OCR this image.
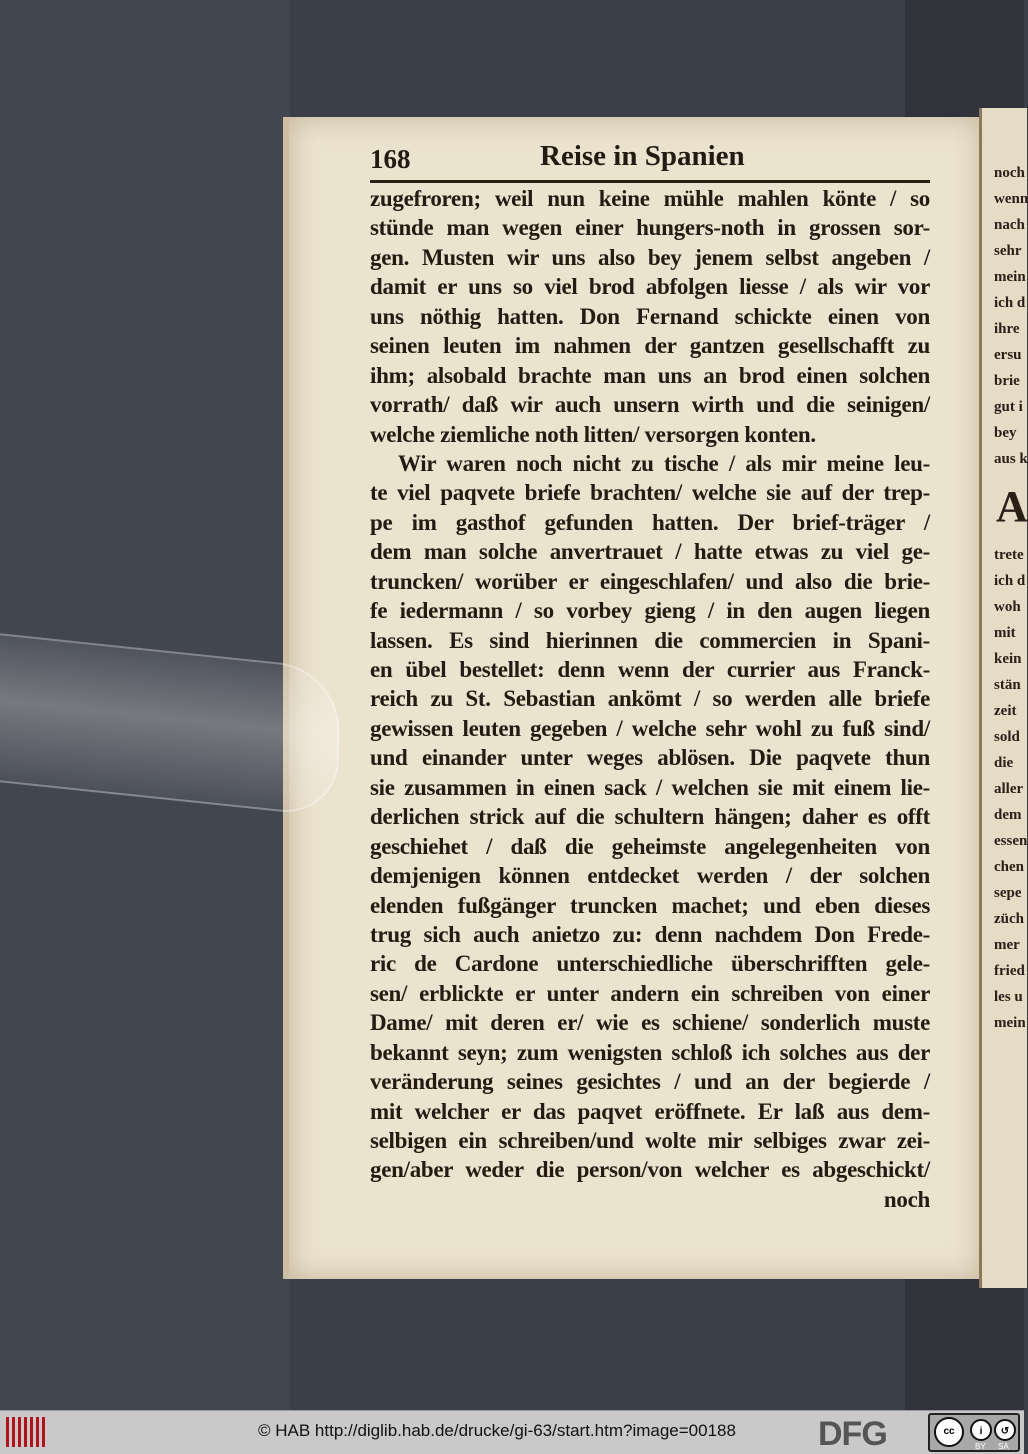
noch
wenn
nach
sehr
mein
ich d
ihre
ersu
brie
gut i
bey
aus k
A
trete
ich d
woh
mit
kein
stän
zeit
sold
die
aller
dem
essen
chen
sepe
züch
mer
fried
les u
mein
168	Reise in Spanien
zugefroren; weil nun keine mühle mahlen könte / so
stünde man wegen einer hungers-noth in grossen sor-
gen. Musten wir uns also bey jenem selbst angeben /
damit er uns so viel brod abfolgen liesse / als wir vor
uns nöthig hatten. Don Fernand schickte einen von
seinen leuten im nahmen der gantzen gesellschafft zu
ihm; alsobald brachte man uns an brod einen solchen
vorrath/ daß wir auch unsern wirth und die seinigen/
welche ziemliche noth litten/ versorgen konten.
Wir waren noch nicht zu tische / als mir meine leu-
te viel paqvete briefe brachten/ welche sie auf der trep-
pe im gasthof gefunden hatten. Der brief-träger /
dem man solche anvertrauet / hatte etwas zu viel ge-
truncken/ worüber er eingeschlafen/ und also die brie-
fe iedermann / so vorbey gieng / in den augen liegen
lassen. Es sind hierinnen die commercien in Spani-
en übel bestellet: denn wenn der currier aus Franck-
reich zu St. Sebastian ankömt / so werden alle briefe
gewissen leuten gegeben / welche sehr wohl zu fuß sind/
und einander unter weges ablösen. Die paqvete thun
sie zusammen in einen sack / welchen sie mit einem lie-
derlichen strick auf die schultern hängen; daher es offt
geschiehet / daß die geheimste angelegenheiten von
demjenigen können entdecket werden / der solchen
elenden fußgänger truncken machet; und eben dieses
trug sich auch anietzo zu: denn nachdem Don Frede-
ric de Cardone unterschiedliche überschrifften gele-
sen/ erblickte er unter andern ein schreiben von einer
Dame/ mit deren er/ wie es schiene/ sonderlich muste
bekannt seyn; zum wenigsten schloß ich solches aus der
veränderung seines gesichtes / und an der begierde /
mit welcher er das paqvet eröffnete. Er laß aus dem-
selbigen ein schreiben/und wolte mir selbiges zwar zei-
gen/aber weder die person/von welcher es abgeschickt/
noch
© HAB http://diglib.hab.de/drucke/gi-63/start.htm?image=00188 DFG	cc	i	↺
BY SA
